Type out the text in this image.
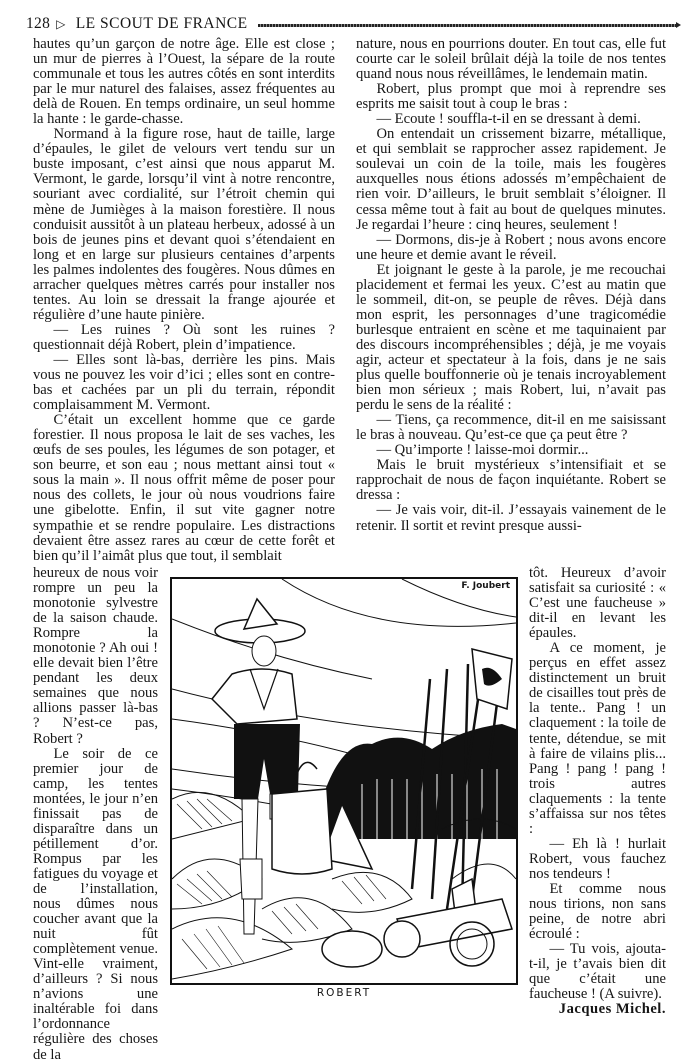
128 ▷ LE SCOUT DE FRANCE

hautes qu’un garçon de notre âge. Elle est close ; un mur de pierres à l’Ouest, la sépare de la route communale et tous les autres côtés en sont interdits par le mur naturel des falaises, assez fréquentes au delà de Rouen. En temps ordinaire, un seul homme la hante : le garde-chasse.

Normand à la figure rose, haut de taille, large d’épaules, le gilet de velours vert tendu sur un buste imposant, c’est ainsi que nous apparut M. Vermont, le garde, lorsqu’il vint à notre rencontre, souriant avec cordialité, sur l’étroit chemin qui mène de Jumièges à la maison forestière. Il nous conduisit aussitôt à un plateau herbeux, adossé à un bois de jeunes pins et devant quoi s’étendaient en long et en large sur plusieurs centaines d’arpents les palmes indolentes des fougères. Nous dûmes en arracher quelques mètres carrés pour installer nos tentes. Au loin se dressait la frange ajourée et régulière d’une haute pinière.

— Les ruines ? Où sont les ruines ? questionnait déjà Robert, plein d’impatience.

— Elles sont là-bas, derrière les pins. Mais vous ne pouvez les voir d’ici ; elles sont en contre-bas et cachées par un pli du terrain, répondit complaisamment M. Vermont.

C’était un excellent homme que ce garde forestier. Il nous proposa le lait de ses vaches, les œufs de ses poules, les légumes de son potager, et son beurre, et son eau ; nous mettant ainsi tout « sous la main ». Il nous offrit même de poser pour nous des collets, le jour où nous voudrions faire une gibelotte. Enfin, il sut vite gagner notre sympathie et se rendre populaire. Les distractions devaient être assez rares au cœur de cette forêt et bien qu’il l’aimât plus que tout, il semblait

heureux de nous voir rompre un peu la monotonie sylvestre de la saison chaude. Rompre la monotonie ? Ah oui ! elle devait bien l’être pendant les deux semaines que nous allions passer là-bas ? N’est-ce pas, Robert ?

Le soir de ce premier jour de camp, les tentes montées, le jour n’en finissait pas de disparaître dans un pétillement d’or. Rompus par les fatigues du voyage et de l’installation, nous dûmes nous coucher avant que la nuit fût complètement venue. Vint-elle vraiment, d’ailleurs ? Si nous n’avions une inaltérable foi dans l’ordonnance régulière des choses de la

nature, nous en pourrions douter. En tout cas, elle fut courte car le soleil brûlait déjà la toile de nos tentes quand nous nous réveillâmes, le lendemain matin.

Robert, plus prompt que moi à reprendre ses esprits me saisit tout à coup le bras :

— Ecoute ! souffla-t-il en se dressant à demi.

On entendait un crissement bizarre, métallique, et qui semblait se rapprocher assez rapidement. Je soulevai un coin de la toile, mais les fougères auxquelles nous étions adossés m’empêchaient de rien voir. D’ailleurs, le bruit semblait s’éloigner. Il cessa même tout à fait au bout de quelques minutes. Je regardai l’heure : cinq heures, seulement !

— Dormons, dis-je à Robert ; nous avons encore une heure et demie avant le réveil.

Et joignant le geste à la parole, je me recouchai placidement et fermai les yeux. C’est au matin que le sommeil, dit-on, se peuple de rêves. Déjà dans mon esprit, les personnages d’une tragicomédie burlesque entraient en scène et me taquinaient par des discours incompréhensibles ; déjà, je me voyais agir, acteur et spectateur à la fois, dans je ne sais plus quelle bouffonnerie où je tenais incroyablement bien mon sérieux ; mais Robert, lui, n’avait pas perdu le sens de la réalité :

— Tiens, ça recommence, dit-il en me saisissant le bras à nouveau. Qu’est-ce que ça peut être ?

— Qu’importe ! laisse-moi dormir...

Mais le bruit mystérieux s’intensifiait et se rapprochait de nous de façon inquiétante. Robert se dressa :

— Je vais voir, dit-il. J’essayais vainement de le retenir. Il sortit et revint presque aussi-

tôt. Heureux d’avoir satisfait sa curiosité : « C’est une faucheuse » dit-il en levant les épaules.

A ce moment, je perçus en effet assez distinctement un bruit de cisailles tout près de la tente.. Pang ! un claquement : la toile de tente, détendue, se mit à faire de vilains plis... Pang ! pang ! pang ! trois autres claquements : la tente s’affaissa sur nos têtes :

— Eh là ! hurlait Robert, vous fauchez nos tendeurs !

Et comme nous nous tirions, non sans peine, de notre abri écroulé :

— Tu vois, ajouta-t-il, je t’avais bien dit que c’était une faucheuse ! (A suivre).

Jacques Michel.

F. Joubert
ROBERT
